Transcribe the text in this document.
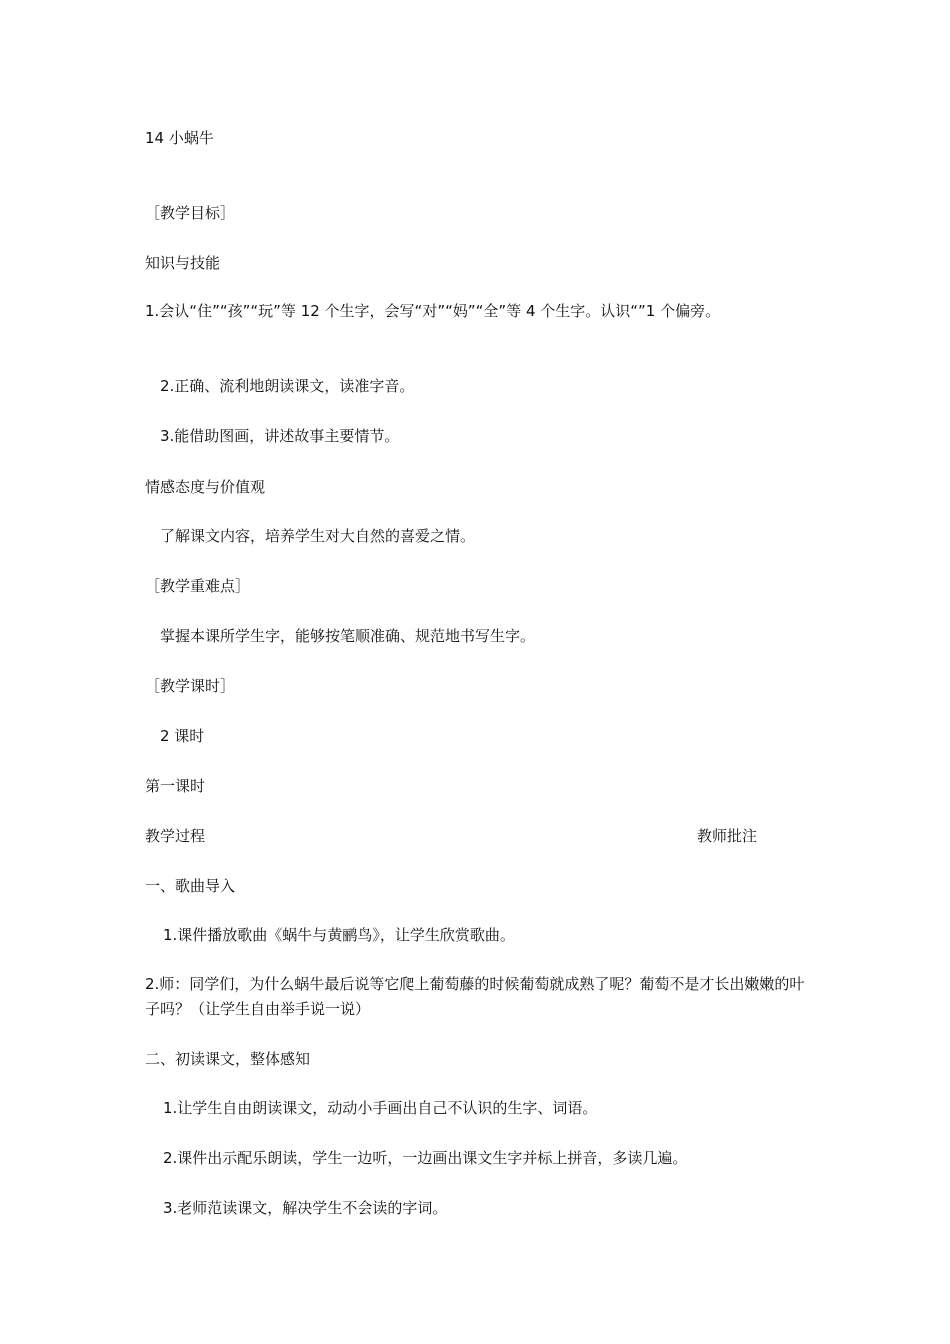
14 小蜗牛
［教学目标］
知识与技能
1.会认“住”“孩”“玩”等 12 个生字，会写“对”“妈”“全”等 4 个生字。认识“”1 个偏旁。
2.正确、流利地朗读课文，读准字音。
3.能借助图画，讲述故事主要情节。
情感态度与价值观
了解课文内容，培养学生对大自然的喜爱之情。
［教学重难点］
掌握本课所学生字，能够按笔顺准确、规范地书写生字。
［教学课时］
2 课时
第一课时
教学过程	教师批注
一、歌曲导入
1.课件播放歌曲《蜗牛与黄鹂鸟》，让学生欣赏歌曲。
2.师：同学们，为什么蜗牛最后说等它爬上葡萄藤的时候葡萄就成熟了呢？葡萄不是才长出嫩嫩的叶子吗？（让学生自由举手说一说）
二、初读课文，整体感知
1.让学生自由朗读课文，动动小手画出自己不认识的生字、词语。
2.课件出示配乐朗读，学生一边听，一边画出课文生字并标上拼音，多读几遍。
3.老师范读课文，解决学生不会读的字词。
